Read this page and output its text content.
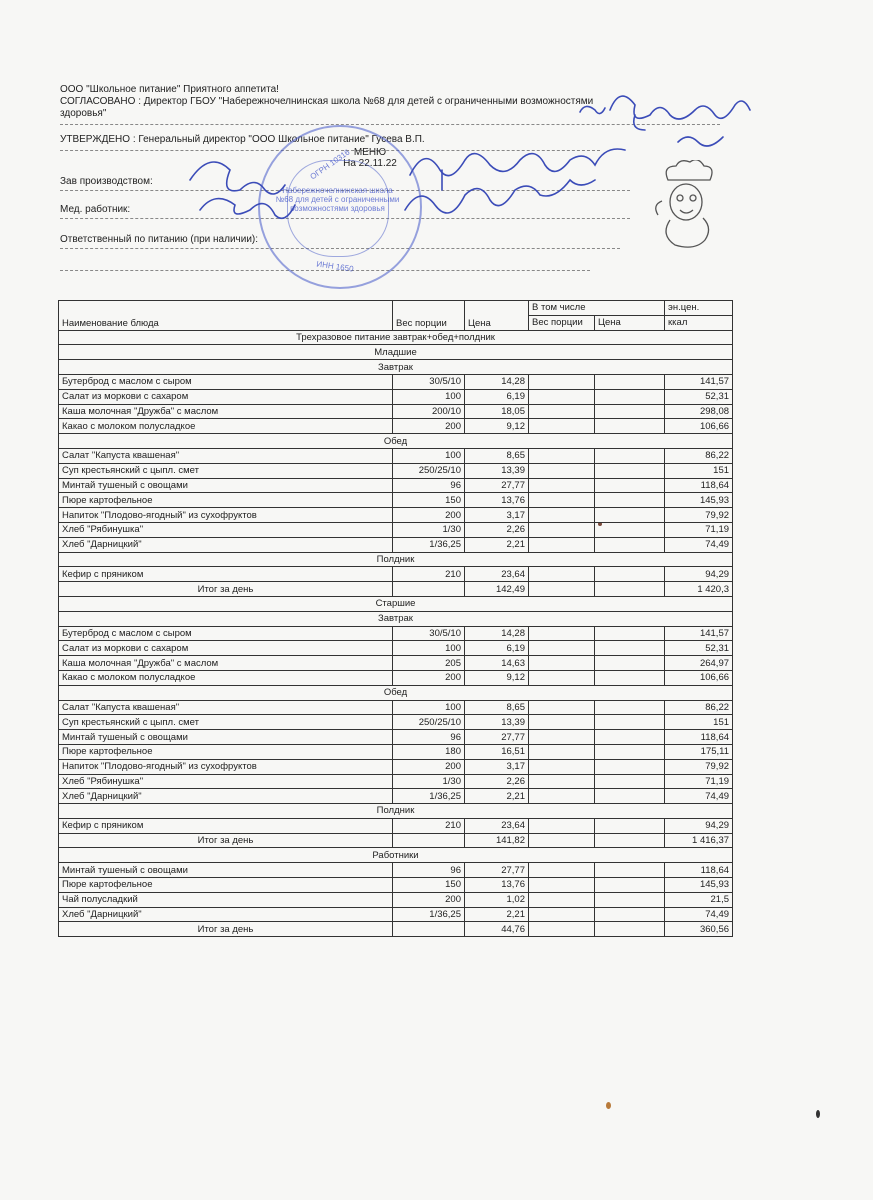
ООО "Школьное питание" Приятного аппетита!
СОГЛАСОВАНО : Директор ГБОУ "Набережночелнинская школа №68 для детей с ограниченными возможностями
здоровья"
УТВЕРЖДЕНО : Генеральный директор "ООО Школьное питание" Гусева В.П.
МЕНЮ
На 22.11.22
Зав производством:
Мед. работник:
Ответственный по питанию (при наличии):
Набережночелнинская школа №68 для детей с ограниченными возможностями здоровья
ОГРН 10316
ИНН 1650
Наименование блюда	Вес порции	Цена	В том числе		эн.цен.
			Вес порции	Цена	ккал
Трехразовое питание завтрак+обед+полдник					
Младшие					
Завтрак					
Бутерброд с маслом с сыром	30/5/10	14,28			141,57
Салат из моркови с сахаром	100	6,19			52,31
Каша молочная "Дружба" с маслом	200/10	18,05			298,08
Какао с молоком полусладкое	200	9,12			106,66
Обед					
Салат "Капуста квашеная"	100	8,65			86,22
Суп крестьянский с цыпл. смет	250/25/10	13,39			151
Минтай тушеный с овощами	96	27,77			118,64
Пюре картофельное	150	13,76			145,93
Напиток "Плодово-ягодный" из сухофруктов	200	3,17			79,92
Хлеб "Рябинушка"	1/30	2,26			71,19
Хлеб "Дарницкий"	1/36,25	2,21			74,49
Полдник					
Кефир с пряником	210	23,64			94,29
Итог за день		142,49			1 420,3
Старшие					
Завтрак					
Бутерброд с маслом с сыром	30/5/10	14,28			141,57
Салат из моркови с сахаром	100	6,19			52,31
Каша молочная "Дружба" с маслом	205	14,63			264,97
Какао с молоком полусладкое	200	9,12			106,66
Обед					
Салат "Капуста квашеная"	100	8,65			86,22
Суп крестьянский с цыпл. смет	250/25/10	13,39			151
Минтай тушеный с овощами	96	27,77			118,64
Пюре картофельное	180	16,51			175,11
Напиток "Плодово-ягодный" из сухофруктов	200	3,17			79,92
Хлеб "Рябинушка"	1/30	2,26			71,19
Хлеб "Дарницкий"	1/36,25	2,21			74,49
Полдник					
Кефир с пряником	210	23,64			94,29
Итог за день		141,82			1 416,37
Работники					
Минтай тушеный с овощами	96	27,77			118,64
Пюре картофельное	150	13,76			145,93
Чай полусладкий	200	1,02			21,5
Хлеб "Дарницкий"	1/36,25	2,21			74,49
Итог за день		44,76			360,56
